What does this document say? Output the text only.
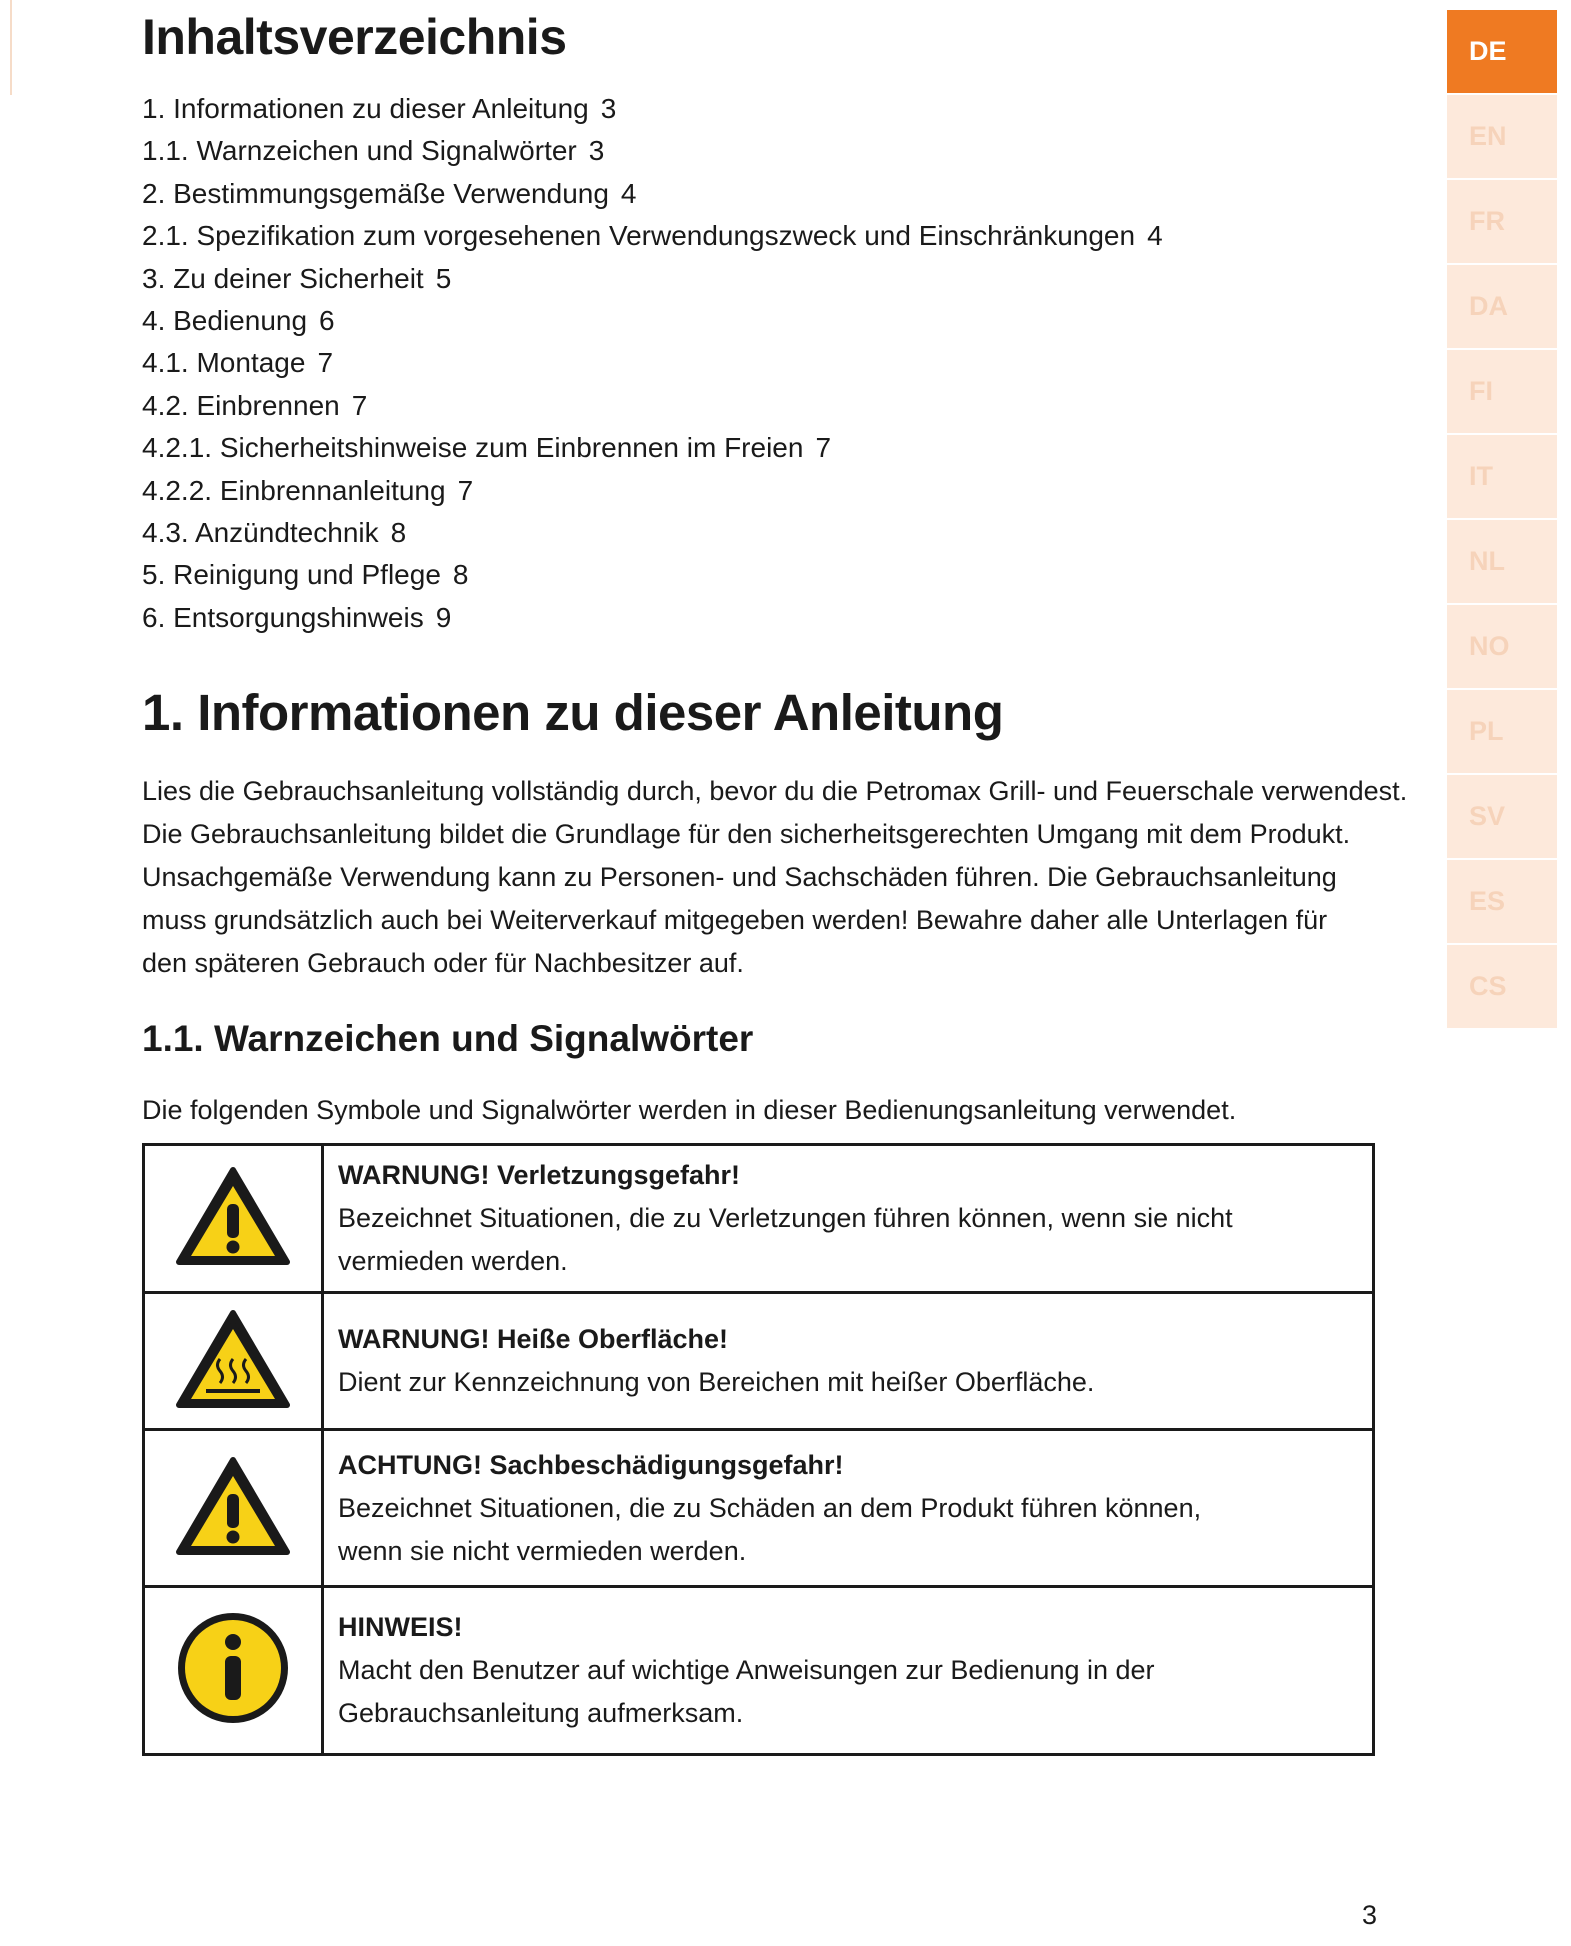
Inhaltsverzeichnis
1. Informationen zu dieser Anleitung 3
1.1. Warnzeichen und Signalwörter 3
2. Bestimmungsgemäße Verwendung 4
2.1. Spezifikation zum vorgesehenen Verwendungszweck und Einschränkungen 4
3. Zu deiner Sicherheit 5
4. Bedienung 6
4.1. Montage 7
4.2. Einbrennen 7
4.2.1. Sicherheitshinweise zum Einbrennen im Freien 7
4.2.2. Einbrennanleitung 7
4.3. Anzündtechnik 8
5. Reinigung und Pflege 8
6. Entsorgungshinweis 9
1. Informationen zu dieser Anleitung
Lies die Gebrauchsanleitung vollständig durch, bevor du die Petromax Grill- und Feuerschale verwendest.
Die Gebrauchsanleitung bildet die Grundlage für den sicherheitsgerechten Umgang mit dem Produkt.
Unsachgemäße Verwendung kann zu Personen- und Sachschäden führen. Die Gebrauchsanleitung
muss grundsätzlich auch bei Weiterverkauf mitgegeben werden! Bewahre daher alle Unterlagen für
den späteren Gebrauch oder für Nachbesitzer auf.
1.1. Warnzeichen und Signalwörter
Die folgenden Symbole und Signalwörter werden in dieser Bedienungsanleitung verwendet.

WARNUNG! Verletzungsgefahr!
Bezeichnet Situationen, die zu Verletzungen führen können, wenn sie nicht
vermieden werden.

WARNUNG! Heiße Oberfläche!
Dient zur Kennzeichnung von Bereichen mit heißer Oberfläche.

ACHTUNG! Sachbeschädigungsgefahr!
Bezeichnet Situationen, die zu Schäden an dem Produkt führen können,
wenn sie nicht vermieden werden.

HINWEIS!
Macht den Benutzer auf wichtige Anweisungen zur Bedienung in der
Gebrauchsanleitung aufmerksam.
DE
EN
FR
DA
FI
IT
NL
NO
PL
SV
ES
CS
3
